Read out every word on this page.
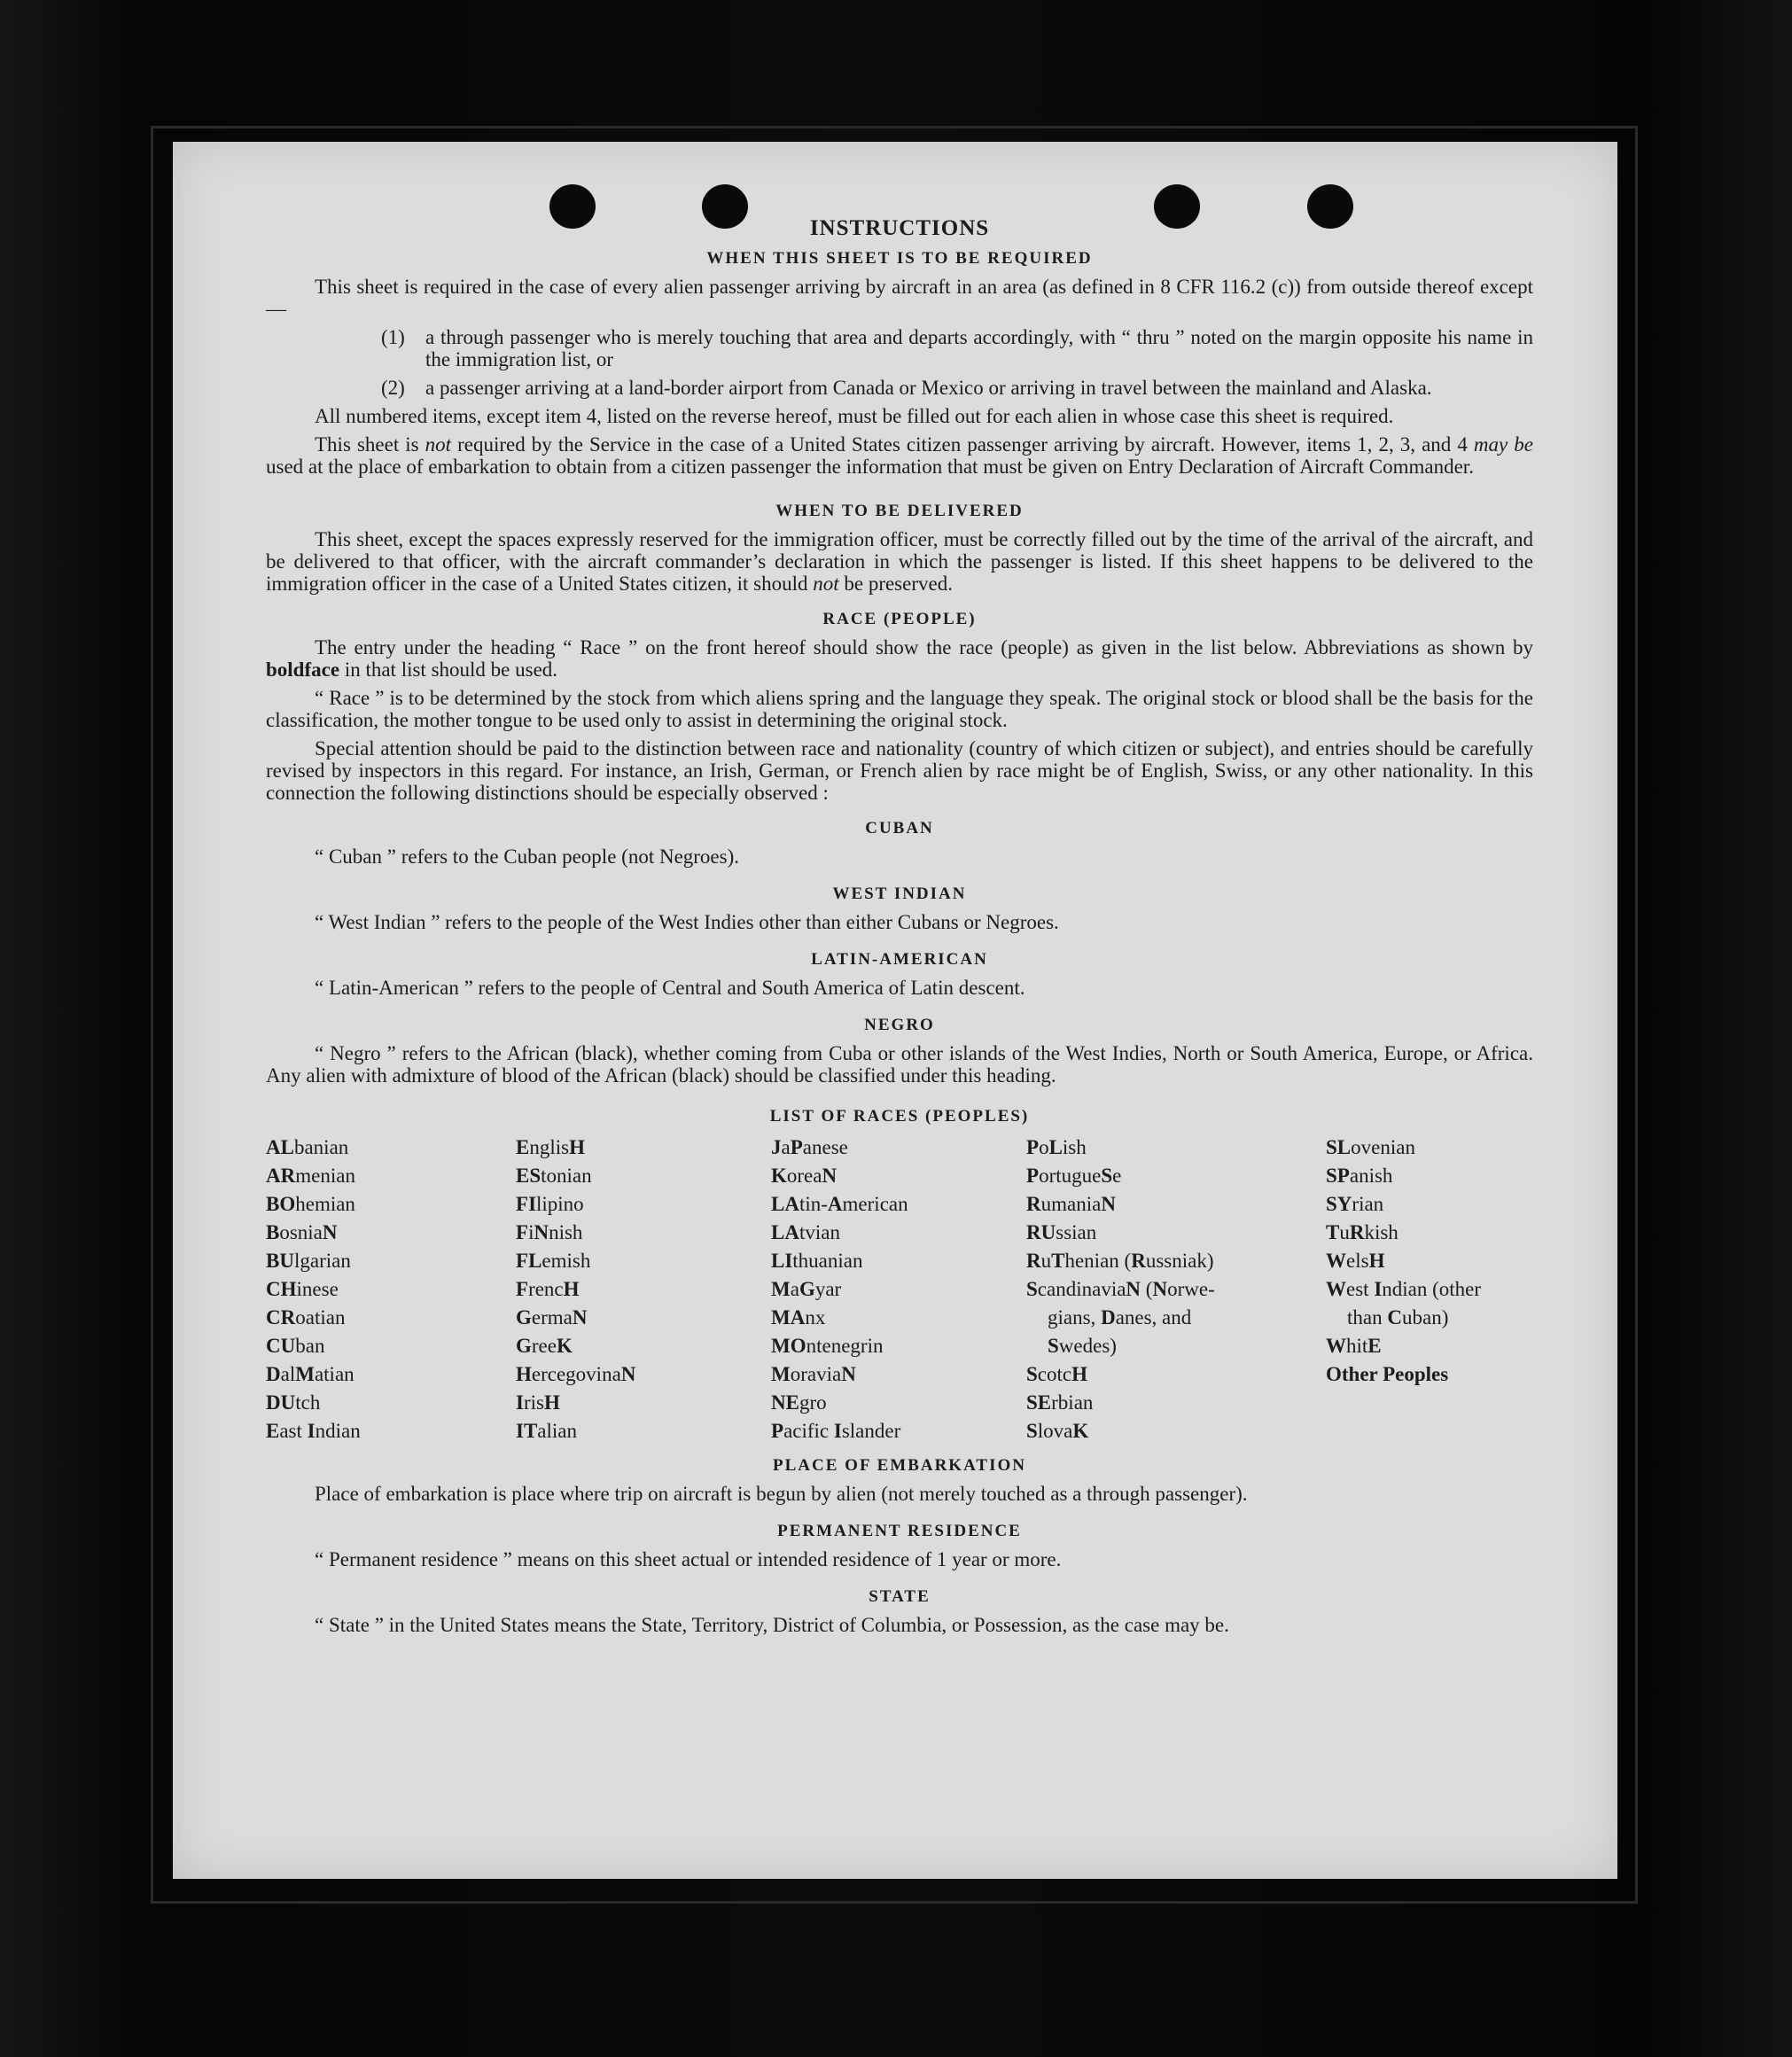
INSTRUCTIONS
WHEN THIS SHEET IS TO BE REQUIRED
This sheet is required in the case of every alien passenger arriving by aircraft in an area (as defined in 8 CFR 116.2 (c)) from outside thereof except —
(1)	a through passenger who is merely touching that area and departs accordingly, with “ thru ” noted on the margin opposite his name in the immigration list, or
(2)	a passenger arriving at a land-border airport from Canada or Mexico or arriving in travel between the mainland and Alaska.
All numbered items, except item 4, listed on the reverse hereof, must be filled out for each alien in whose case this sheet is required.
This sheet is not required by the Service in the case of a United States citizen passenger arriving by aircraft. However, items 1, 2, 3, and 4 may be used at the place of embarkation to obtain from a citizen passenger the information that must be given on Entry Declaration of Aircraft Commander.
WHEN TO BE DELIVERED
This sheet, except the spaces expressly reserved for the immigration officer, must be correctly filled out by the time of the arrival of the aircraft, and be delivered to that officer, with the aircraft commander’s declaration in which the passenger is listed. If this sheet happens to be delivered to the immigration officer in the case of a United States citizen, it should not be preserved.
RACE (PEOPLE)
The entry under the heading “ Race ” on the front hereof should show the race (people) as given in the list below. Abbreviations as shown by boldface in that list should be used.
“ Race ” is to be determined by the stock from which aliens spring and the language they speak. The original stock or blood shall be the basis for the classification, the mother tongue to be used only to assist in determining the original stock.
Special attention should be paid to the distinction between race and nationality (country of which citizen or subject), and entries should be carefully revised by inspectors in this regard. For instance, an Irish, German, or French alien by race might be of English, Swiss, or any other nationality. In this connection the following distinctions should be especially observed :
CUBAN
“ Cuban ” refers to the Cuban people (not Negroes).
WEST INDIAN
“ West Indian ” refers to the people of the West Indies other than either Cubans or Negroes.
LATIN-AMERICAN
“ Latin-American ” refers to the people of Central and South America of Latin descent.
NEGRO
“ Negro ” refers to the African (black), whether coming from Cuba or other islands of the West Indies, North or South America, Europe, or Africa. Any alien with admixture of blood of the African (black) should be classified under this heading.
LIST OF RACES (PEOPLES)
ALbanian
ARmenian
BOhemian
BosniaN
BUlgarian
CHinese
CRoatian
CUban
DalMatian
DUtch
East Indian
EnglisH
EStonian
FIlipino
FiNnish
FLemish
FrencH
GermaN
GreeK
HercegovinaN
IrisH
ITalian
JaPanese
KoreaN
LAtin-American
LAtvian
LIthuanian
MaGyar
MAnx
MOntenegrin
MoraviaN
NEgro
Pacific Islander
PoLish
PortugueSe
RumaniaN
RUssian
RuThenian (Russniak)
ScandinaviaN (Norwe-
gians, Danes, and
Swedes)
ScotcH
SErbian
SlovaK
SLovenian
SPanish
SYrian
TuRkish
WelsH
West Indian (other
than Cuban)
WhitE
Other Peoples
PLACE OF EMBARKATION
Place of embarkation is place where trip on aircraft is begun by alien (not merely touched as a through passenger).
PERMANENT RESIDENCE
“ Permanent residence ” means on this sheet actual or intended residence of 1 year or more.
STATE
“ State ” in the United States means the State, Territory, District of Columbia, or Possession, as the case may be.
